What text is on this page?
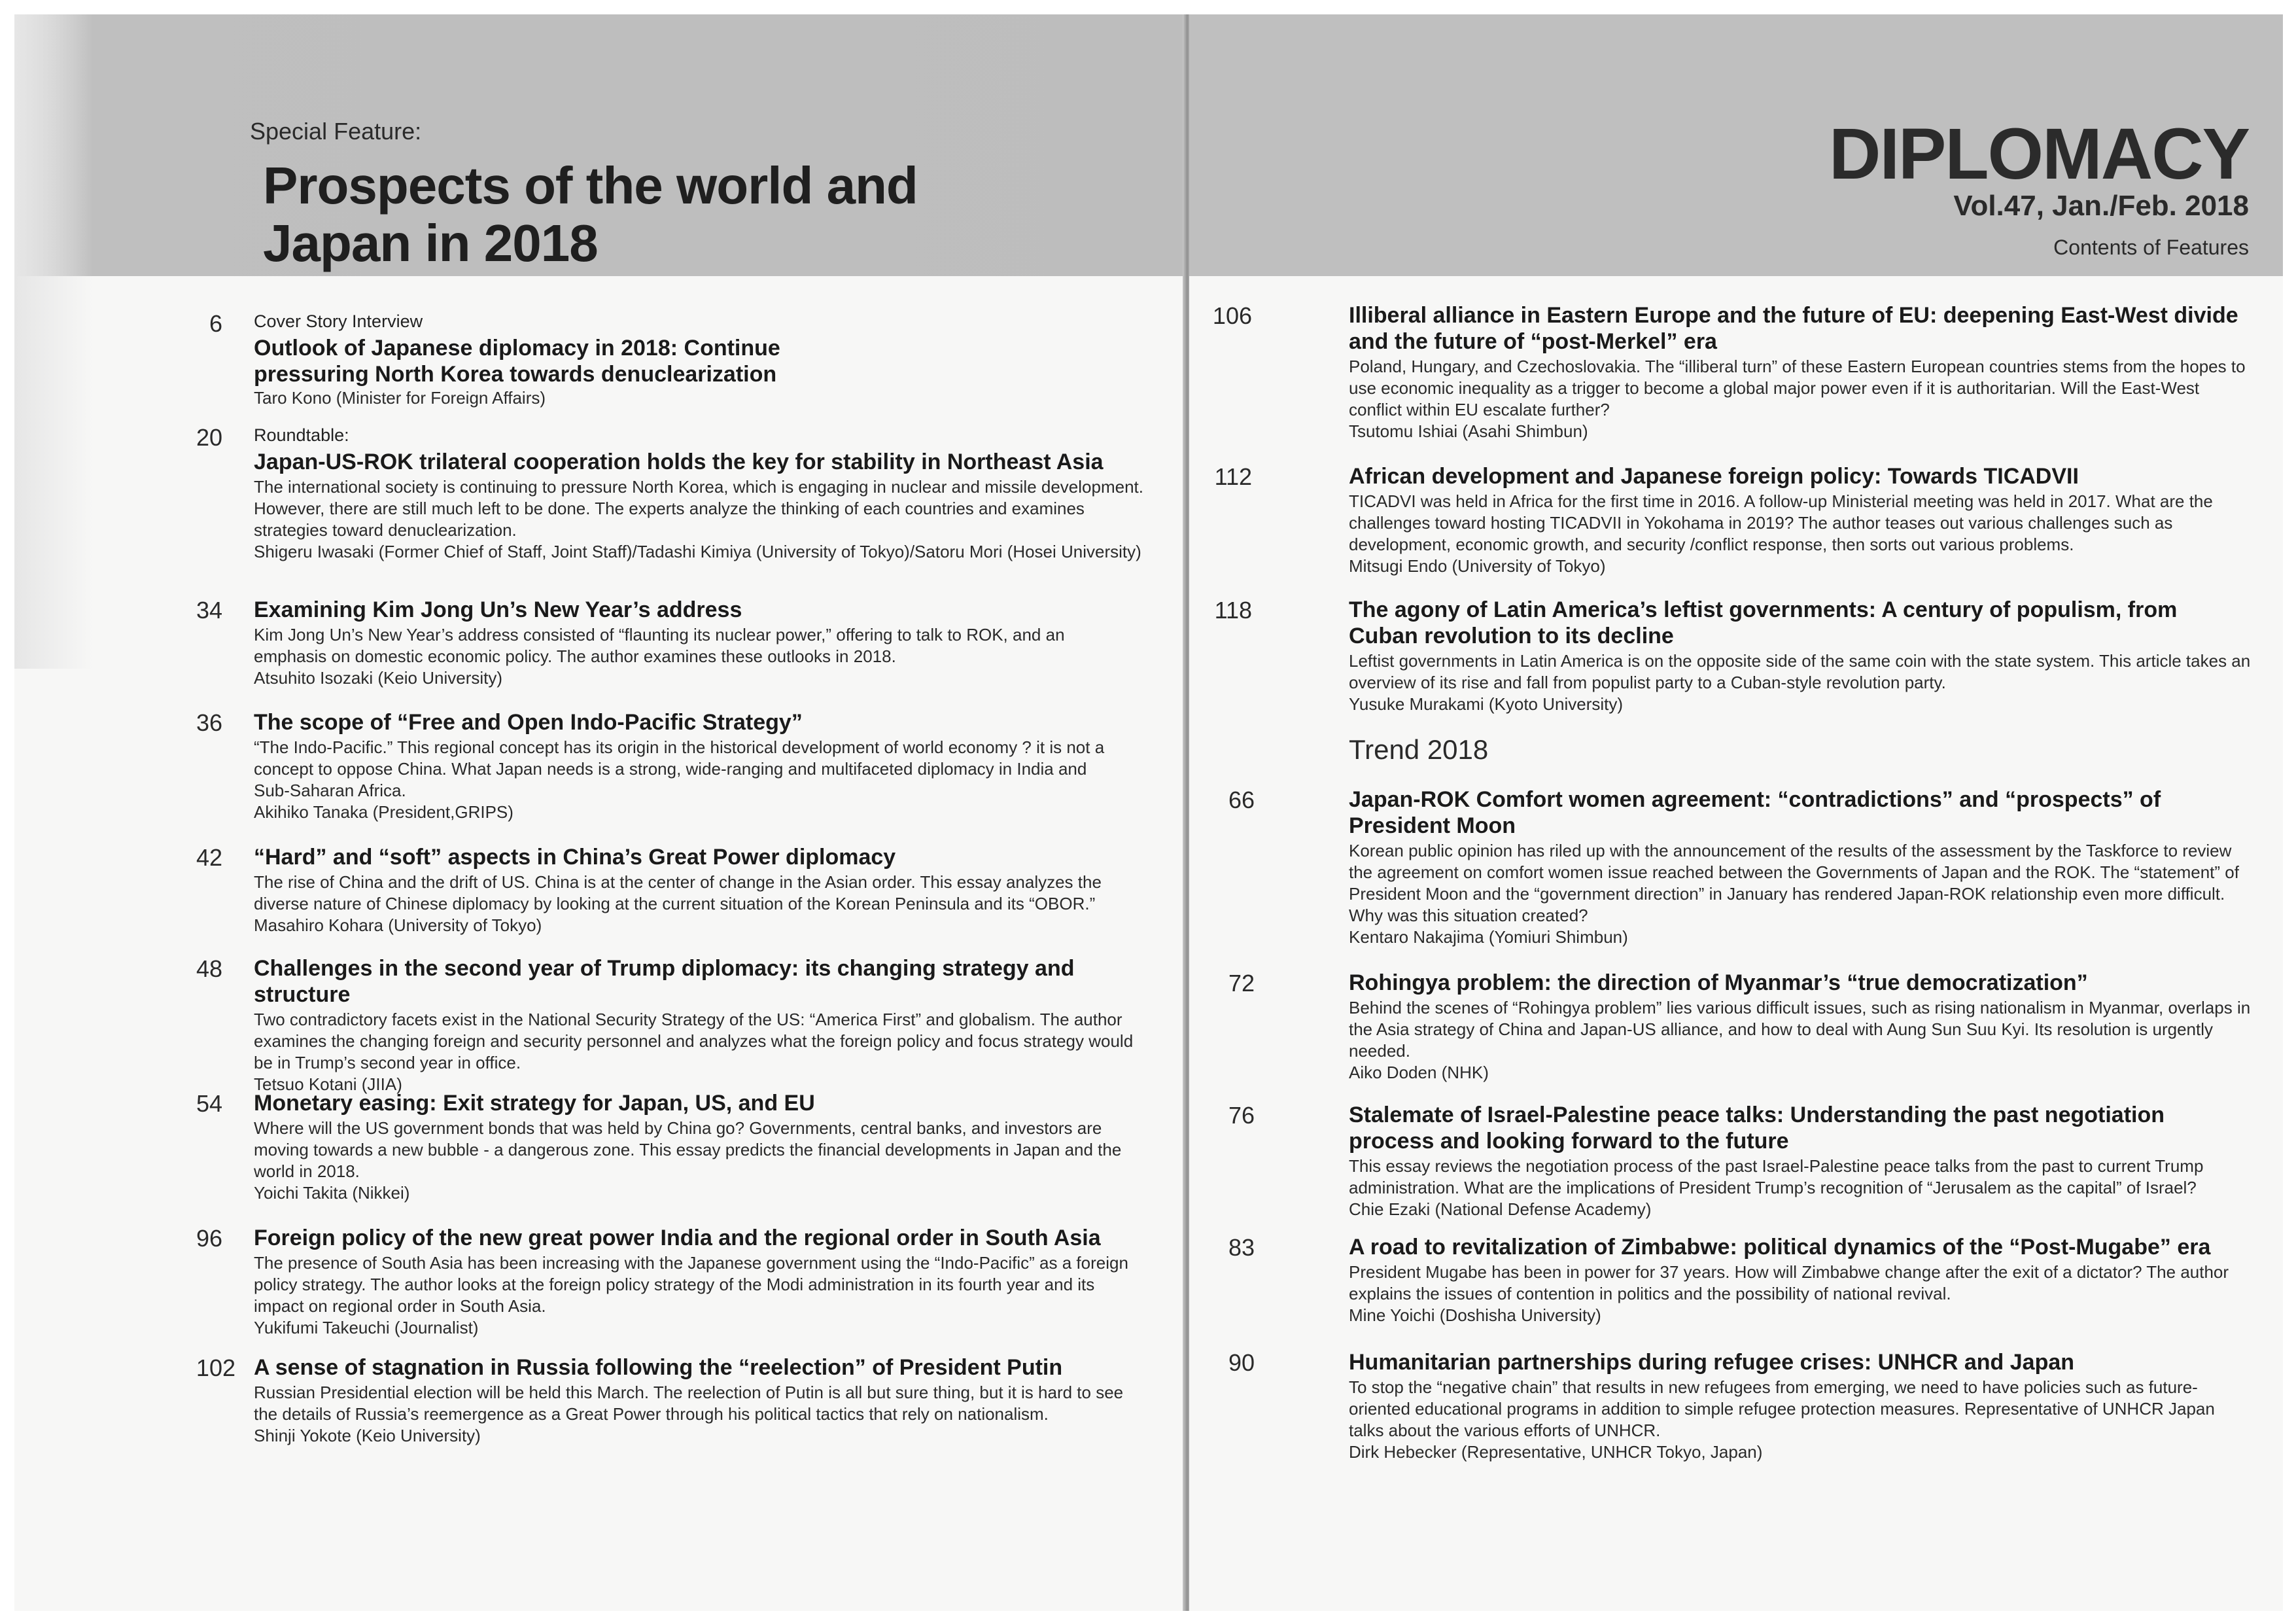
Special Feature:
Prospects of the world and
Japan in 2018
6 Cover Story Interview
Outlook of Japanese diplomacy in 2018: Continue pressuring North Korea towards denuclearization
Taro Kono (Minister for Foreign Affairs)
20 Roundtable:
Japan-US-ROK trilateral cooperation holds the key for stability in Northeast Asia
The international society is continuing to pressure North Korea, which is engaging in nuclear and missile development. However, there are still much left to be done. The experts analyze the thinking of each countries and examines strategies toward denuclearization.
Shigeru Iwasaki (Former Chief of Staff, Joint Staff)/Tadashi Kimiya (University of Tokyo)/Satoru Mori (Hosei University)
34 Examining Kim Jong Un’s New Year’s address
Kim Jong Un’s New Year’s address consisted of “flaunting its nuclear power,” offering to talk to ROK, and an emphasis on domestic economic policy. The author examines these outlooks in 2018.
Atsuhito Isozaki (Keio University)
36 The scope of “Free and Open Indo-Pacific Strategy”
“The Indo-Pacific.” This regional concept has its origin in the historical development of world economy ? it is not a concept to oppose China. What Japan needs is a strong, wide-ranging and multifaceted diplomacy in India and Sub-Saharan Africa.
Akihiko Tanaka (President,GRIPS)
42 “Hard” and “soft” aspects in China’s Great Power diplomacy
The rise of China and the drift of US. China is at the center of change in the Asian order. This essay analyzes the diverse nature of Chinese diplomacy by looking at the current situation of the Korean Peninsula and its “OBOR.”
Masahiro Kohara (University of Tokyo)
48 Challenges in the second year of Trump diplomacy: its changing strategy and structure
Two contradictory facets exist in the National Security Strategy of the US: “America First” and globalism. The author examines the changing foreign and security personnel and analyzes what the foreign policy and focus strategy would be in Trump’s second year in office.
Tetsuo Kotani (JIIA)
54 Monetary easing: Exit strategy for Japan, US, and EU
Where will the US government bonds that was held by China go? Governments, central banks, and investors are moving towards a new bubble - a dangerous zone. This essay predicts the financial developments in Japan and the world in 2018.
Yoichi Takita (Nikkei)
96 Foreign policy of the new great power India and the regional order in South Asia
The presence of South Asia has been increasing with the Japanese government using the “Indo-Pacific” as a foreign policy strategy. The author looks at the foreign policy strategy of the Modi administration in its fourth year and its impact on regional order in South Asia.
Yukifumi Takeuchi (Journalist)
102 A sense of stagnation in Russia following the “reelection” of President Putin
Russian Presidential election will be held this March. The reelection of Putin is all but sure thing, but it is hard to see the details of Russia’s reemergence as a Great Power through his political tactics that rely on nationalism.
Shinji Yokote (Keio University)
DIPLOMACY
Vol.47, Jan./Feb. 2018
Contents of Features
106	Illiberal alliance in Eastern Europe and the future of EU: deepening East-West divide and the future of “post-Merkel” era
Poland, Hungary, and Czechoslovakia. The “illiberal turn” of these Eastern European countries stems from the hopes to use economic inequality as a trigger to become a global major power even if it is authoritarian. Will the East-West conflict within EU escalate further?
Tsutomu Ishiai (Asahi Shimbun)
112	African development and Japanese foreign policy: Towards TICADVII
TICADVI was held in Africa for the first time in 2016. A follow-up Ministerial meeting was held in 2017. What are the challenges toward hosting TICADVII in Yokohama in 2019? The author teases out various challenges such as development, economic growth, and security /conflict response, then sorts out various problems.
Mitsugi Endo (University of Tokyo)
118	The agony of Latin America’s leftist governments: A century of populism, from Cuban revolution to its decline
Leftist governments in Latin America is on the opposite side of the same coin with the state system. This article takes an overview of its rise and fall from populist party to a Cuban-style revolution party.
Yusuke Murakami (Kyoto University)
Trend 2018
66	Japan-ROK Comfort women agreement: “contradictions” and “prospects” of President Moon
Korean public opinion has riled up with the announcement of the results of the assessment by the Taskforce to review the agreement on comfort women issue reached between the Governments of Japan and the ROK. The “statement” of President Moon and the “government direction” in January has rendered Japan-ROK relationship even more difficult. Why was this situation created?
Kentaro Nakajima (Yomiuri Shimbun)
72	Rohingya problem: the direction of Myanmar’s “true democratization”
Behind the scenes of “Rohingya problem” lies various difficult issues, such as rising nationalism in Myanmar, overlaps in the Asia strategy of China and Japan-US alliance, and how to deal with Aung Sun Suu Kyi. Its resolution is urgently needed.
Aiko Doden (NHK)
76	Stalemate of Israel-Palestine peace talks: Understanding the past negotiation process and looking forward to the future
This essay reviews the negotiation process of the past Israel-Palestine peace talks from the past to current Trump administration. What are the implications of President Trump’s recognition of “Jerusalem as the capital” of Israel?
Chie Ezaki (National Defense Academy)
83	A road to revitalization of Zimbabwe: political dynamics of the “Post-Mugabe” era
President Mugabe has been in power for 37 years. How will Zimbabwe change after the exit of a dictator? The author explains the issues of contention in politics and the possibility of national revival.
Mine Yoichi (Doshisha University)
90	Humanitarian partnerships during refugee crises: UNHCR and Japan
To stop the “negative chain” that results in new refugees from emerging, we need to have policies such as future-oriented educational programs in addition to simple refugee protection measures. Representative of UNHCR Japan talks about the various efforts of UNHCR.
Dirk Hebecker (Representative, UNHCR Tokyo, Japan)
